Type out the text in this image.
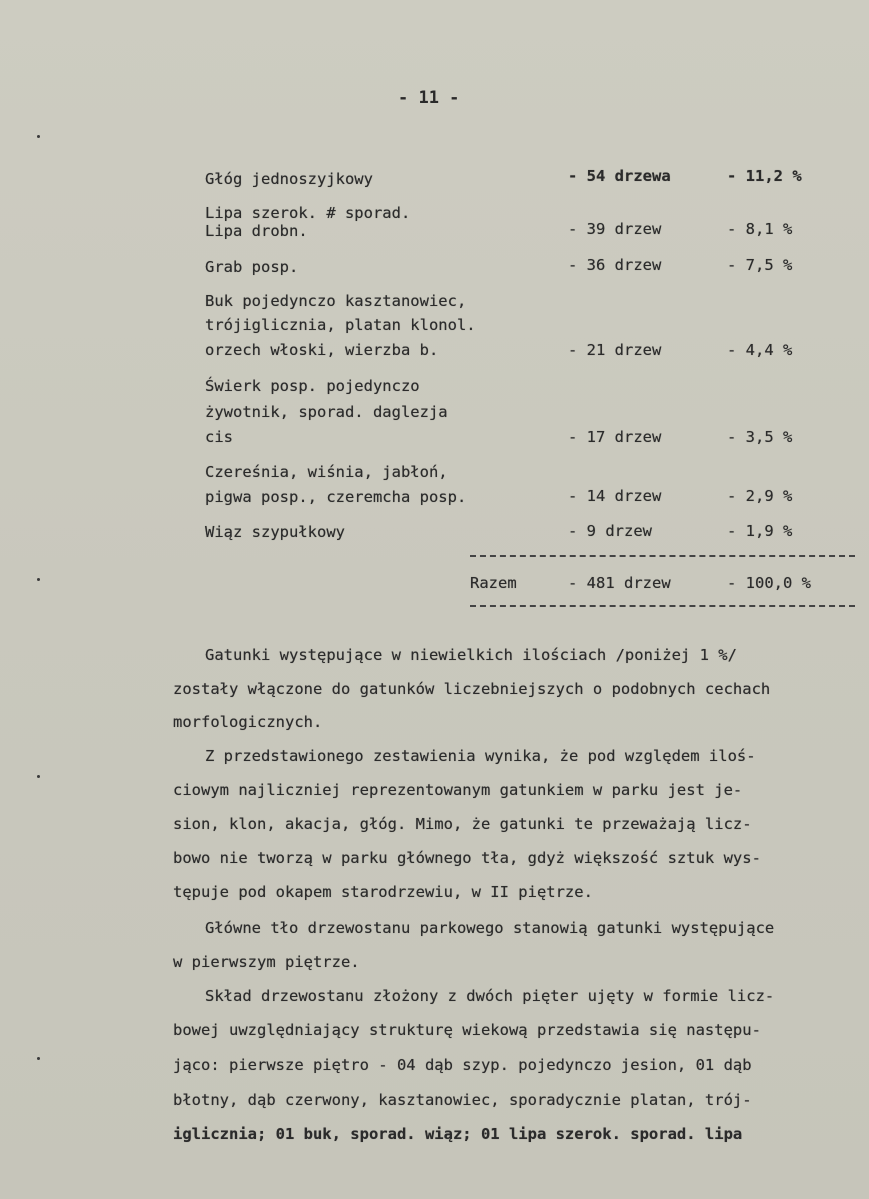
- 11 -
Głóg jednoszyjkowy	- 54 drzewa	- 11,2 %
Lipa szerok. # sporad.
Lipa drobn.	- 39 drzew	- 8,1 %
Grab posp.	- 36 drzew	- 7,5 %
Buk pojedynczo kasztanowiec,
trójiglicznia, platan klonol.
orzech włoski, wierzba b.	- 21 drzew	- 4,4 %
Świerk posp. pojedynczo
żywotnik, sporad. daglezja
cis	- 17 drzew	- 3,5 %
Czereśnia, wiśnia, jabłoń,
pigwa posp., czeremcha posp.	- 14 drzew	- 2,9 %
Wiąz szypułkowy	- 9 drzew	- 1,9 %
Razem	- 481 drzew	- 100,0 %
Gatunki występujące w niewielkich ilościach /poniżej 1 %/
zostały włączone do gatunków liczebniejszych o podobnych cechach
morfologicznych.
Z przedstawionego zestawienia wynika, że pod względem iloś-
ciowym najliczniej reprezentowanym gatunkiem w parku jest je-
sion, klon, akacja, głóg. Mimo, że gatunki te przeważają licz-
bowo nie tworzą w parku głównego tła, gdyż większość sztuk wys-
tępuje pod okapem starodrzewiu, w II piętrze.
Główne tło drzewostanu parkowego stanowią gatunki występujące
w pierwszym piętrze.
Skład drzewostanu złożony z dwóch pięter ujęty w formie licz-
bowej uwzględniający strukturę wiekową przedstawia się następu-
jąco: pierwsze piętro - 04 dąb szyp. pojedynczo jesion, 01 dąb
błotny, dąb czerwony, kasztanowiec, sporadycznie platan, trój-
iglicznia; 01 buk, sporad. wiąz; 01 lipa szerok. sporad. lipa
